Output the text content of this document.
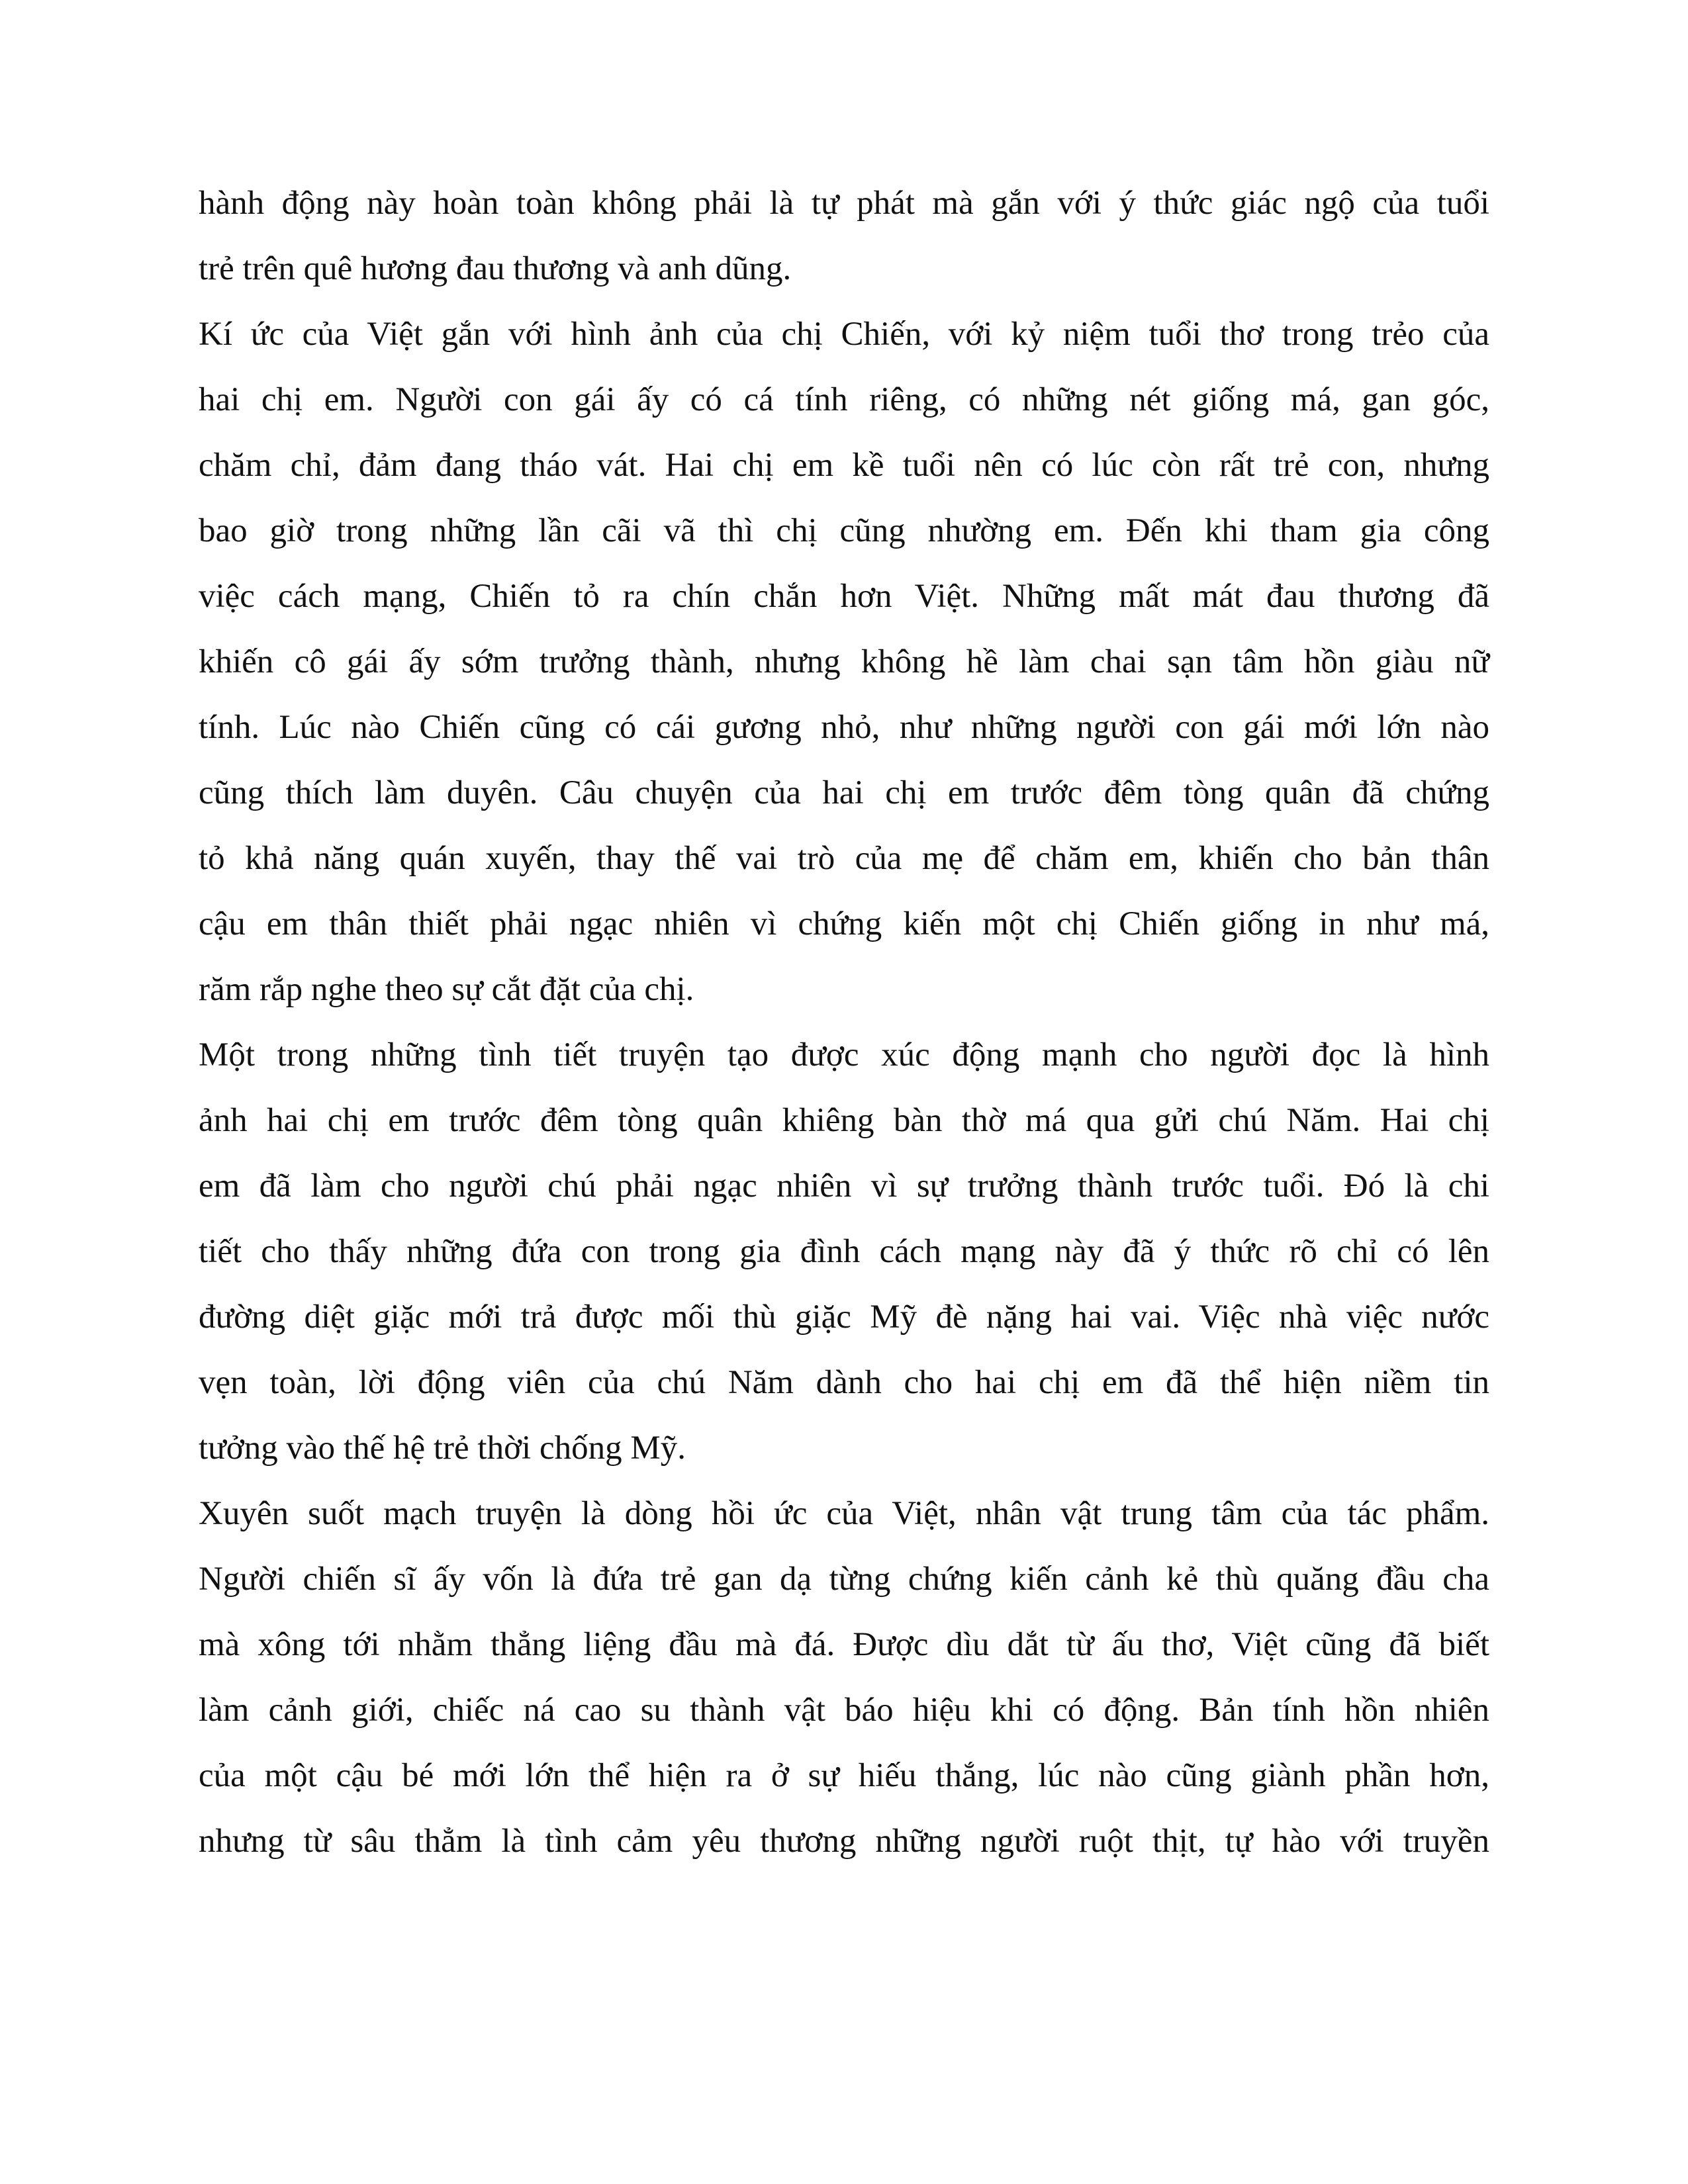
hành động này hoàn toàn không phải là tự phát mà gắn với ý thức giác ngộ của tuổi
trẻ trên quê hương đau thương và anh dũng.
Kí ức của Việt gắn với hình ảnh của chị Chiến, với kỷ niệm tuổi thơ trong trẻo của
hai chị em. Người con gái ấy có cá tính riêng, có những nét giống má, gan góc,
chăm chỉ, đảm đang tháo vát. Hai chị em kề tuổi nên có lúc còn rất trẻ con, nhưng
bao giờ trong những lần cãi vã thì chị cũng nhường em. Đến khi tham gia công
việc cách mạng, Chiến tỏ ra chín chắn hơn Việt. Những mất mát đau thương đã
khiến cô gái ấy sớm trưởng thành, nhưng không hề làm chai sạn tâm hồn giàu nữ
tính. Lúc nào Chiến cũng có cái gương nhỏ, như những người con gái mới lớn nào
cũng thích làm duyên. Câu chuyện của hai chị em trước đêm tòng quân đã chứng
tỏ khả năng quán xuyến, thay thế vai trò của mẹ để chăm em, khiến cho bản thân
cậu em thân thiết phải ngạc nhiên vì chứng kiến một chị Chiến giống in như má,
răm rắp nghe theo sự cắt đặt của chị.
Một trong những tình tiết truyện tạo được xúc động mạnh cho người đọc là hình
ảnh hai chị em trước đêm tòng quân khiêng bàn thờ má qua gửi chú Năm. Hai chị
em đã làm cho người chú phải ngạc nhiên vì sự trưởng thành trước tuổi. Đó là chi
tiết cho thấy những đứa con trong gia đình cách mạng này đã ý thức rõ chỉ có lên
đường diệt giặc mới trả được mối thù giặc Mỹ đè nặng hai vai. Việc nhà việc nước
vẹn toàn, lời động viên của chú Năm dành cho hai chị em đã thể hiện niềm tin
tưởng vào thế hệ trẻ thời chống Mỹ.
Xuyên suốt mạch truyện là dòng hồi ức của Việt, nhân vật trung tâm của tác phẩm.
Người chiến sĩ ấy vốn là đứa trẻ gan dạ từng chứng kiến cảnh kẻ thù quăng đầu cha
mà xông tới nhằm thẳng liệng đầu mà đá. Được dìu dắt từ ấu thơ, Việt cũng đã biết
làm cảnh giới, chiếc ná cao su thành vật báo hiệu khi có động. Bản tính hồn nhiên
của một cậu bé mới lớn thể hiện ra ở sự hiếu thắng, lúc nào cũng giành phần hơn,
nhưng từ sâu thẳm là tình cảm yêu thương những người ruột thịt, tự hào với truyền
